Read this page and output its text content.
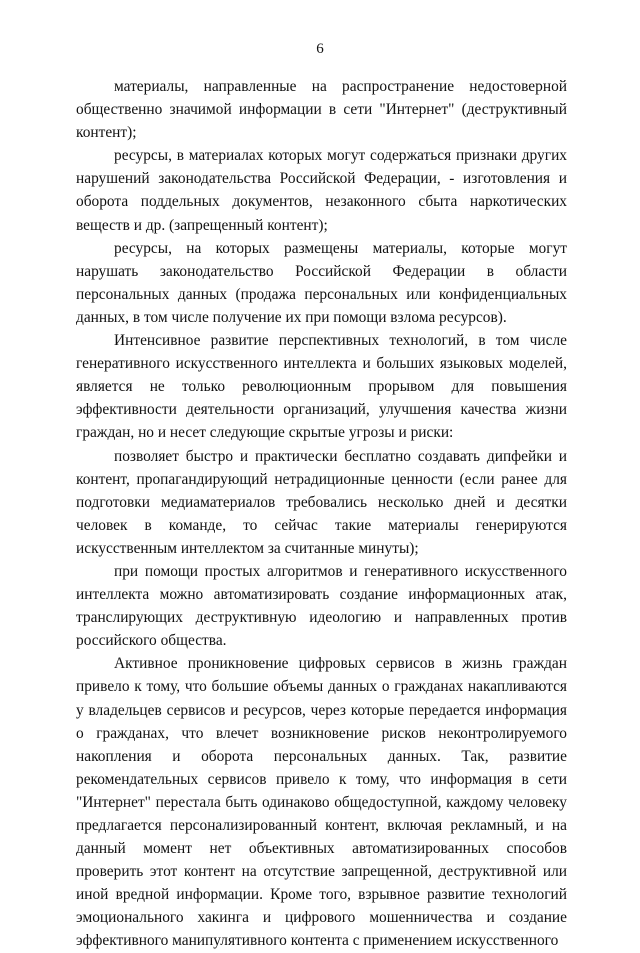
6

материалы, направленные на распространение недостоверной общественно значимой информации в сети "Интернет" (деструктивный контент);

ресурсы, в материалах которых могут содержаться признаки других нарушений законодательства Российской Федерации, - изготовления и оборота поддельных документов, незаконного сбыта наркотических веществ и др. (запрещенный контент);

ресурсы, на которых размещены материалы, которые могут нарушать законодательство Российской Федерации в области персональных данных (продажа персональных или конфиденциальных данных, в том числе получение их при помощи взлома ресурсов).

Интенсивное развитие перспективных технологий, в том числе генеративного искусственного интеллекта и больших языковых моделей, является не только революционным прорывом для повышения эффективности деятельности организаций, улучшения качества жизни граждан, но и несет следующие скрытые угрозы и риски:

позволяет быстро и практически бесплатно создавать дипфейки и контент, пропагандирующий нетрадиционные ценности (если ранее для подготовки медиаматериалов требовались несколько дней и десятки человек в команде, то сейчас такие материалы генерируются искусственным интеллектом за считанные минуты);

при помощи простых алгоритмов и генеративного искусственного интеллекта можно автоматизировать создание информационных атак, транслирующих деструктивную идеологию и направленных против российского общества.

Активное проникновение цифровых сервисов в жизнь граждан привело к тому, что большие объемы данных о гражданах накапливаются у владельцев сервисов и ресурсов, через которые передается информация о гражданах, что влечет возникновение рисков неконтролируемого накопления и оборота персональных данных. Так, развитие рекомендательных сервисов привело к тому, что информация в сети "Интернет" перестала быть одинаково общедоступной, каждому человеку предлагается персонализированный контент, включая рекламный, и на данный момент нет объективных автоматизированных способов проверить этот контент на отсутствие запрещенной, деструктивной или иной вредной информации. Кроме того, взрывное развитие технологий эмоционального хакинга и цифрового мошенничества и создание эффективного манипулятивного контента с применением искусственного
